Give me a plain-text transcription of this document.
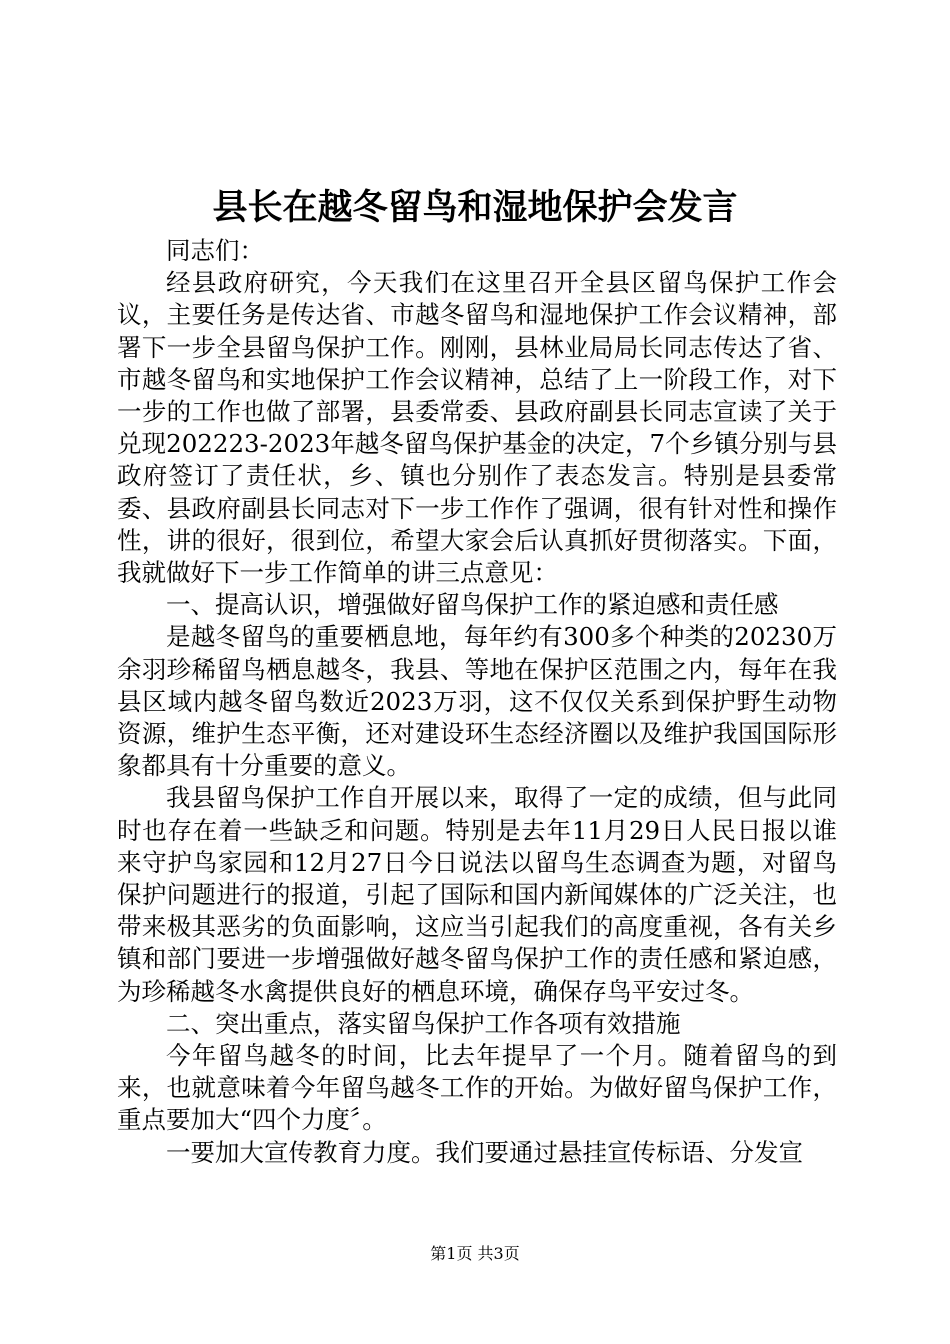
县长在越冬留鸟和湿地保护会发言

同志们：

经县政府研究，今天我们在这里召开全县区留鸟保护工作会议，主要任务是传达省、市越冬留鸟和湿地保护工作会议精神，部署下一步全县留鸟保护工作。刚刚，县林业局局长同志传达了省、市越冬留鸟和实地保护工作会议精神，总结了上一阶段工作，对下一步的工作也做了部署，县委常委、县政府副县长同志宣读了关于兑现202223-2023年越冬留鸟保护基金的决定，7个乡镇分别与县政府签订了责任状，乡、镇也分别作了表态发言。特别是县委常委、县政府副县长同志对下一步工作作了强调，很有针对性和操作性，讲的很好，很到位，希望大家会后认真抓好贯彻落实。下面，我就做好下一步工作简单的讲三点意见：

一、提高认识，增强做好留鸟保护工作的紧迫感和责任感

是越冬留鸟的重要栖息地，每年约有300多个种类的20230万余羽珍稀留鸟栖息越冬，我县、等地在保护区范围之内，每年在我县区域内越冬留鸟数近2023万羽，这不仅仅关系到保护野生动物资源，维护生态平衡，还对建设环生态经济圈以及维护我国国际形象都具有十分重要的意义。

我县留鸟保护工作自开展以来，取得了一定的成绩，但与此同时也存在着一些缺乏和问题。特别是去年11月29日人民日报以谁来守护鸟家园和12月27日今日说法以留鸟生态调查为题，对留鸟保护问题进行的报道，引起了国际和国内新闻媒体的广泛关注，也带来极其恶劣的负面影响，这应当引起我们的高度重视，各有关乡镇和部门要进一步增强做好越冬留鸟保护工作的责任感和紧迫感，为珍稀越冬水禽提供良好的栖息环境，确保存鸟平安过冬。

二、突出重点，落实留鸟保护工作各项有效措施

今年留鸟越冬的时间，比去年提早了一个月。随着留鸟的到来，也就意味着今年留鸟越冬工作的开始。为做好留鸟保护工作，重点要加大“四个力度〞。

一要加大宣传教育力度。我们要通过悬挂宣传标语、分发宣

第1页 共3页
